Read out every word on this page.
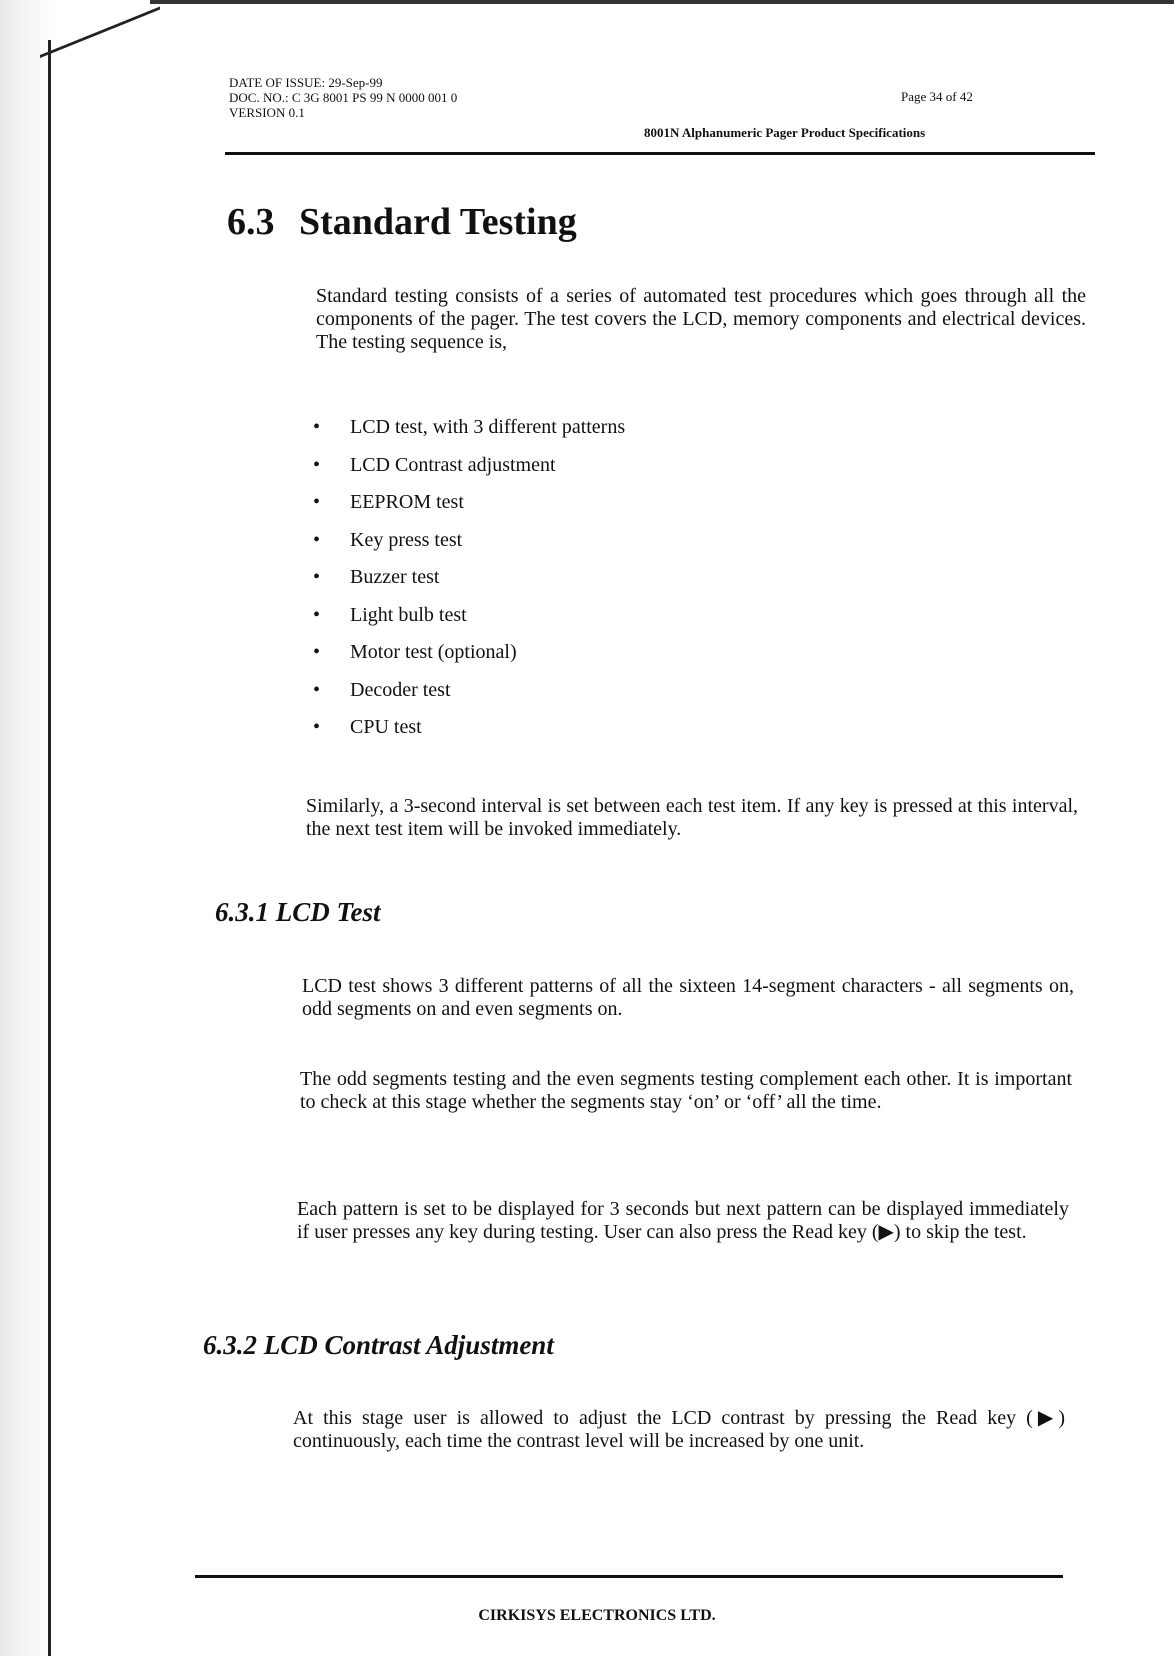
DATE OF ISSUE: 29-Sep-99
DOC. NO.: C 3G 8001 PS 99 N 0000 001 0
VERSION 0.1
Page 34 of 42
8001N Alphanumeric Pager Product Specifications
6.3 Standard Testing

Standard testing consists of a series of automated test procedures which goes through all the components of the pager. The test covers the LCD, memory components and electrical devices. The testing sequence is,

• LCD test, with 3 different patterns
• LCD Contrast adjustment
• EEPROM test
• Key press test
• Buzzer test
• Light bulb test
• Motor test (optional)
• Decoder test
• CPU test

Similarly, a 3-second interval is set between each test item. If any key is pressed at this interval, the next test item will be invoked immediately.

6.3.1 LCD Test

LCD test shows 3 different patterns of all the sixteen 14-segment characters - all segments on, odd segments on and even segments on.

The odd segments testing and the even segments testing complement each other. It is important to check at this stage whether the segments stay ‘on’ or ‘off’ all the time.

Each pattern is set to be displayed for 3 seconds but next pattern can be displayed immediately if user presses any key during testing. User can also press the Read key (▶) to skip the test.

6.3.2 LCD Contrast Adjustment

At this stage user is allowed to adjust the LCD contrast by pressing the Read key (▶) continuously, each time the contrast level will be increased by one unit.

CIRKISYS ELECTRONICS LTD.
